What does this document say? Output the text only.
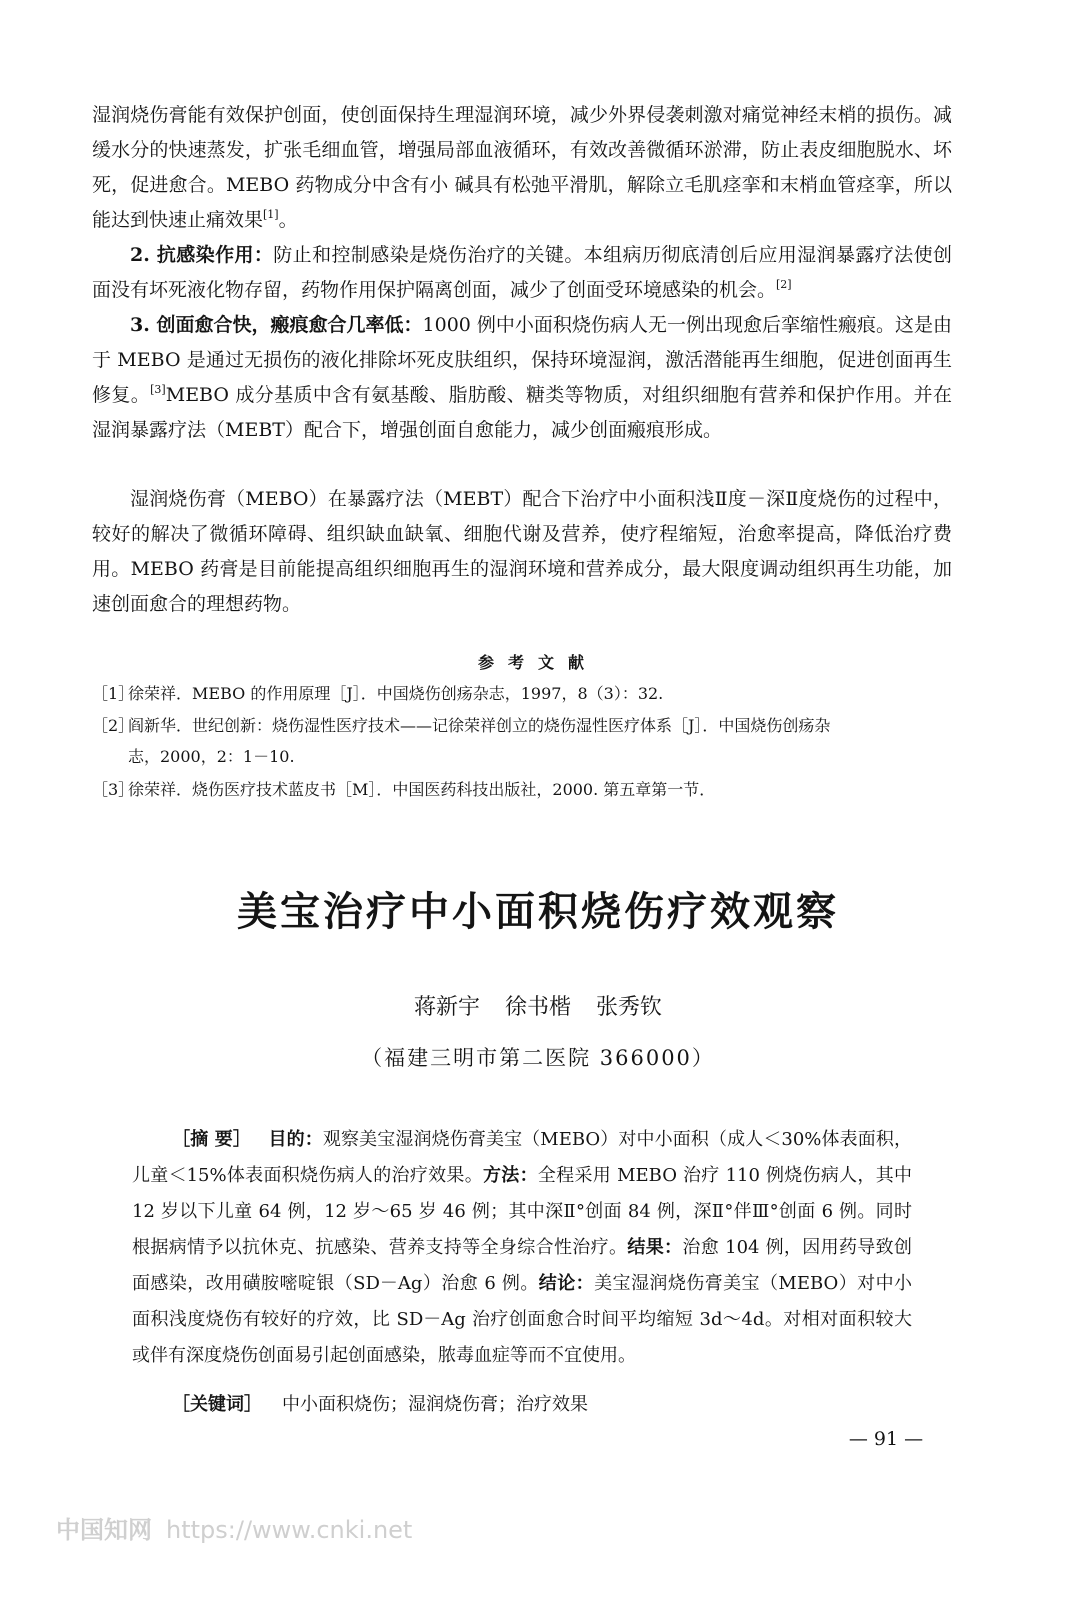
湿润烧伤膏能有效保护创面，使创面保持生理湿润环境，减少外界侵袭刺激对痛觉神经末梢的损伤。减缓水分的快速蒸发，扩张毛细血管，增强局部血液循环，有效改善微循环淤滞，防止表皮细胞脱水、坏死，促进愈合。MEBO 药物成分中含有小 碱具有松弛平滑肌，解除立毛肌痉挛和末梢血管痉挛，所以能达到快速止痛效果[1]。

2. 抗感染作用：防止和控制感染是烧伤治疗的关键。本组病历彻底清创后应用湿润暴露疗法使创面没有坏死液化物存留，药物作用保护隔离创面，减少了创面受环境感染的机会。[2]

3. 创面愈合快，瘢痕愈合几率低：1000 例中小面积烧伤病人无一例出现愈后挛缩性瘢痕。这是由于 MEBO 是通过无损伤的液化排除坏死皮肤组织，保持环境湿润，激活潜能再生细胞，促进创面再生修复。[3]MEBO 成分基质中含有氨基酸、脂肪酸、糖类等物质，对组织细胞有营养和保护作用。并在湿润暴露疗法（MEBT）配合下，增强创面自愈能力，减少创面瘢痕形成。

湿润烧伤膏（MEBO）在暴露疗法（MEBT）配合下治疗中小面积浅Ⅱ度－深Ⅱ度烧伤的过程中，较好的解决了微循环障碍、组织缺血缺氧、细胞代谢及营养，使疗程缩短，治愈率提高，降低治疗费用。MEBO 药膏是目前能提高组织细胞再生的湿润环境和营养成分，最大限度调动组织再生功能，加速创面愈合的理想药物。

参考文献

［1］徐荣祥．MEBO 的作用原理［J］．中国烧伤创疡杂志，1997，8（3）：32.

［2］阎新华．世纪创新：烧伤湿性医疗技术——记徐荣祥创立的烧伤湿性医疗体系［J］．中国烧伤创疡杂
志，2000，2：1－10.

［3］徐荣祥．烧伤医疗技术蓝皮书［M］．中国医药科技出版社，2000. 第五章第一节．

美宝治疗中小面积烧伤疗效观察
蒋新宇 徐书楷 张秀钦
（福建三明市第二医院 366000）

［摘 要］ 目的：观察美宝湿润烧伤膏美宝（MEBO）对中小面积（成人＜30%体表面积，儿童＜15%体表面积烧伤病人的治疗效果。方法：全程采用 MEBO 治疗 110 例烧伤病人，其中 12 岁以下儿童 64 例，12 岁～65 岁 46 例；其中深Ⅱ°创面 84 例，深Ⅱ°伴Ⅲ°创面 6 例。同时根据病情予以抗休克、抗感染、营养支持等全身综合性治疗。结果：治愈 104 例，因用药导致创面感染，改用磺胺嘧啶银（SD－Ag）治愈 6 例。结论：美宝湿润烧伤膏美宝（MEBO）对中小面积浅度烧伤有较好的疗效，比 SD－Ag 治疗创面愈合时间平均缩短 3d～4d。对相对面积较大或伴有深度烧伤创面易引起创面感染，脓毒血症等而不宜使用。

［关键词］ 中小面积烧伤；湿润烧伤膏；治疗效果

— 91 —
中国知网 https://www.cnki.net
